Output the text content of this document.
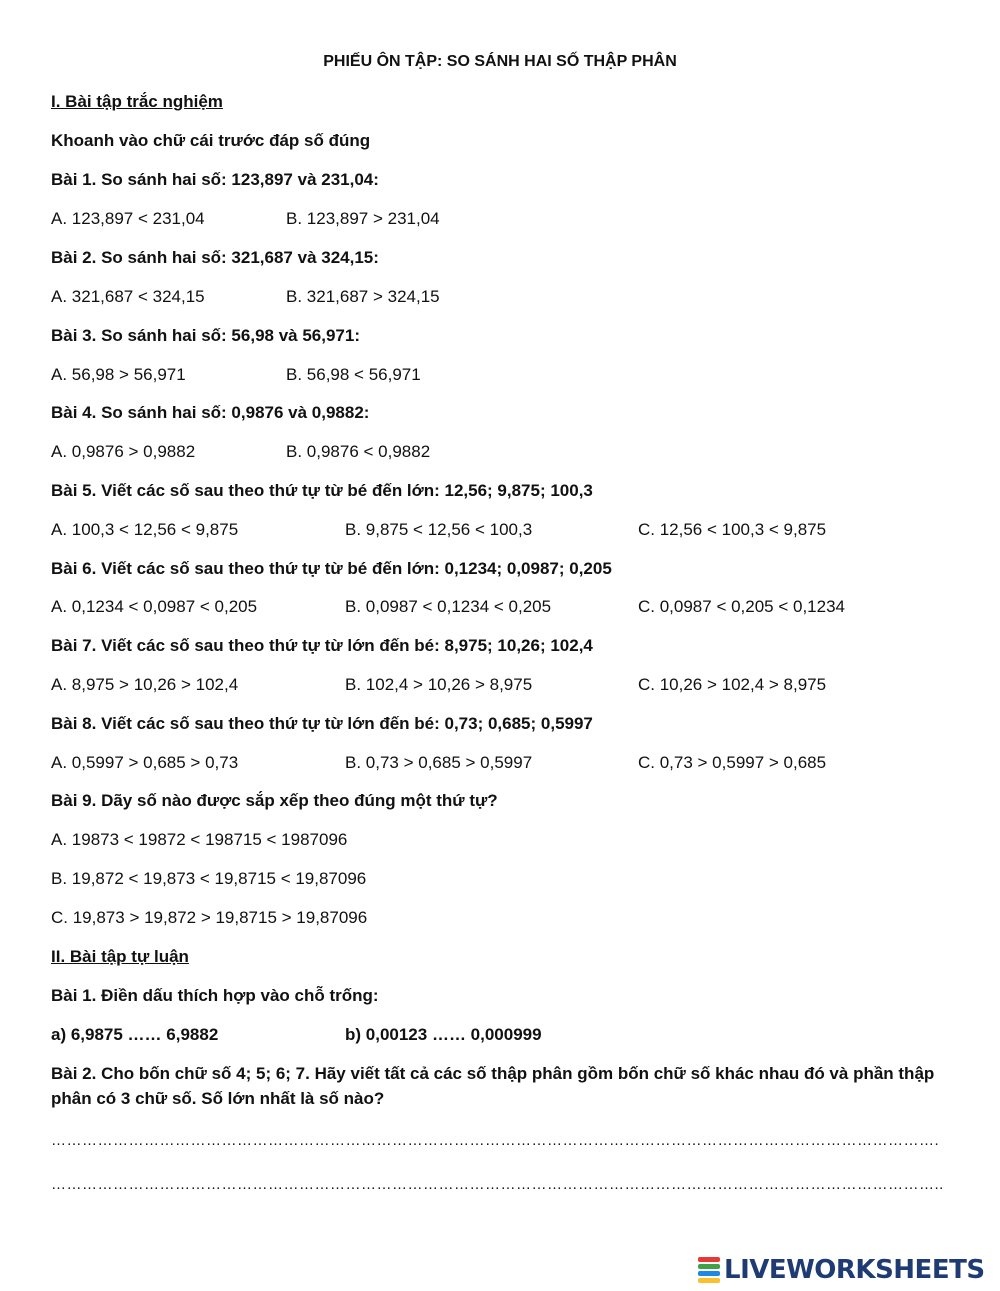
PHIẾU ÔN TẬP: SO SÁNH HAI SỐ THẬP PHÂN
I. Bài tập trắc nghiệm
Khoanh vào chữ cái trước đáp số đúng
Bài 1. So sánh hai số: 123,897 và 231,04:
A. 123,897 < 231,04	B. 123,897 > 231,04
Bài 2. So sánh hai số: 321,687 và 324,15:
A. 321,687 < 324,15	B. 321,687 > 324,15
Bài 3. So sánh hai số: 56,98 và 56,971:
A. 56,98 > 56,971	B. 56,98 < 56,971
Bài 4. So sánh hai số: 0,9876 và 0,9882:
A. 0,9876 > 0,9882	B. 0,9876 < 0,9882
Bài 5. Viết các số sau theo thứ tự từ bé đến lớn: 12,56; 9,875; 100,3
A. 100,3 < 12,56 < 9,875	B. 9,875 < 12,56 < 100,3	C. 12,56 < 100,3 < 9,875
Bài 6. Viết các số sau theo thứ tự từ bé đến lớn: 0,1234; 0,0987; 0,205
A. 0,1234 < 0,0987 < 0,205	B. 0,0987 < 0,1234 < 0,205	C. 0,0987 < 0,205 < 0,1234
Bài 7. Viết các số sau theo thứ tự từ lớn đến bé: 8,975; 10,26; 102,4
A. 8,975 > 10,26 > 102,4	B. 102,4 > 10,26 > 8,975	C. 10,26 > 102,4 > 8,975
Bài 8. Viết các số sau theo thứ tự từ lớn đến bé: 0,73; 0,685; 0,5997
A. 0,5997 > 0,685 > 0,73	B. 0,73 > 0,685 > 0,5997	C. 0,73 > 0,5997 > 0,685
Bài 9. Dãy số nào được sắp xếp theo đúng một thứ tự?
A. 19873 < 19872 < 198715 < 1987096
B. 19,872 < 19,873 < 19,8715 < 19,87096
C. 19,873 > 19,872 > 19,8715 > 19,87096
II. Bài tập tự luận
Bài 1. Điền dấu thích hợp vào chỗ trống:
a) 6,9875 …… 6,9882	b) 0,00123 …… 0,000999
Bài 2. Cho bốn chữ số 4; 5; 6; 7. Hãy viết tất cả các số thập phân gồm bốn chữ số khác nhau đó và phần thập phân có 3 chữ số. Số lớn nhất là số nào?
……………………………………………………………………………………………………………………………………………………….
………………………………………………………………………………………………………………………………………………………..
LIVEWORKSHEETS
